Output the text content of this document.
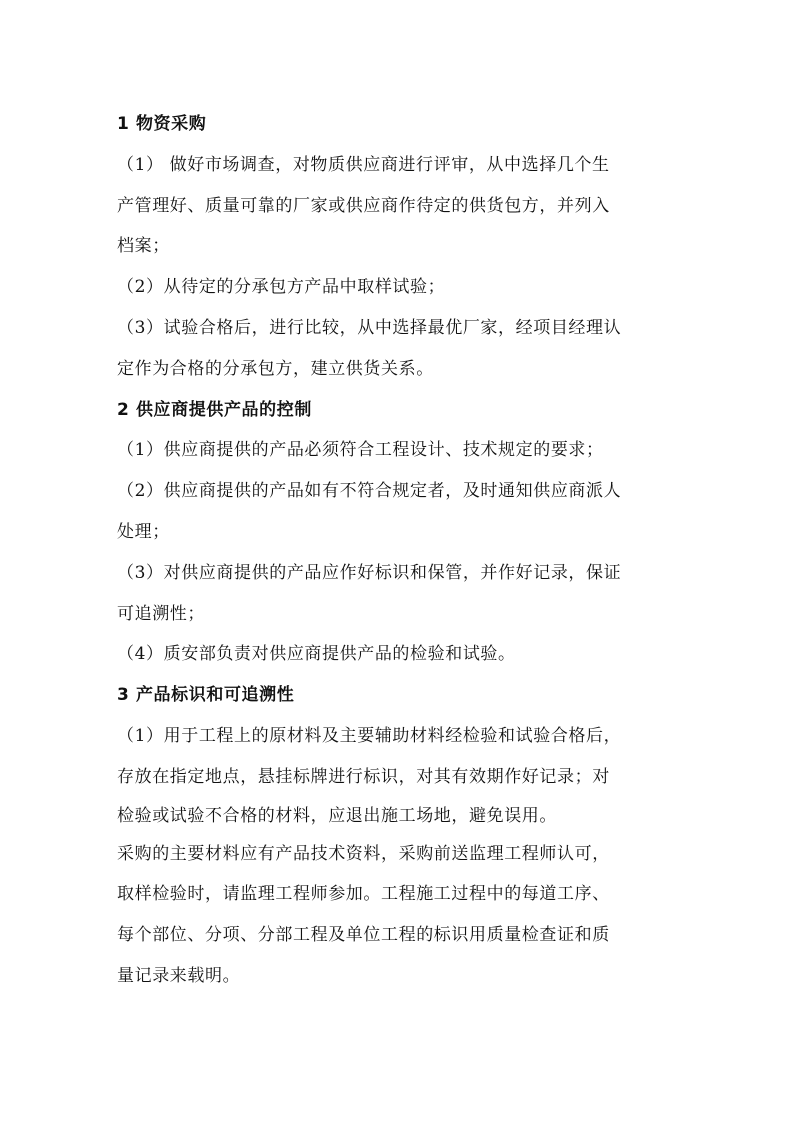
1 物资采购
（1） 做好市场调查，对物质供应商进行评审，从中选择几个生
产管理好、质量可靠的厂家或供应商作待定的供货包方，并列入
档案；
（2）从待定的分承包方产品中取样试验；
（3）试验合格后，进行比较，从中选择最优厂家，经项目经理认
定作为合格的分承包方，建立供货关系。
2 供应商提供产品的控制
（1）供应商提供的产品必须符合工程设计、技术规定的要求；
（2）供应商提供的产品如有不符合规定者，及时通知供应商派人
处理；
（3）对供应商提供的产品应作好标识和保管，并作好记录，保证
可追溯性；
（4）质安部负责对供应商提供产品的检验和试验。
3 产品标识和可追溯性
（1）用于工程上的原材料及主要辅助材料经检验和试验合格后，
存放在指定地点，悬挂标牌进行标识，对其有效期作好记录；对
检验或试验不合格的材料，应退出施工场地，避免误用。
采购的主要材料应有产品技术资料，采购前送监理工程师认可，
取样检验时，请监理工程师参加。工程施工过程中的每道工序、
每个部位、分项、分部工程及单位工程的标识用质量检查证和质
量记录来载明。
